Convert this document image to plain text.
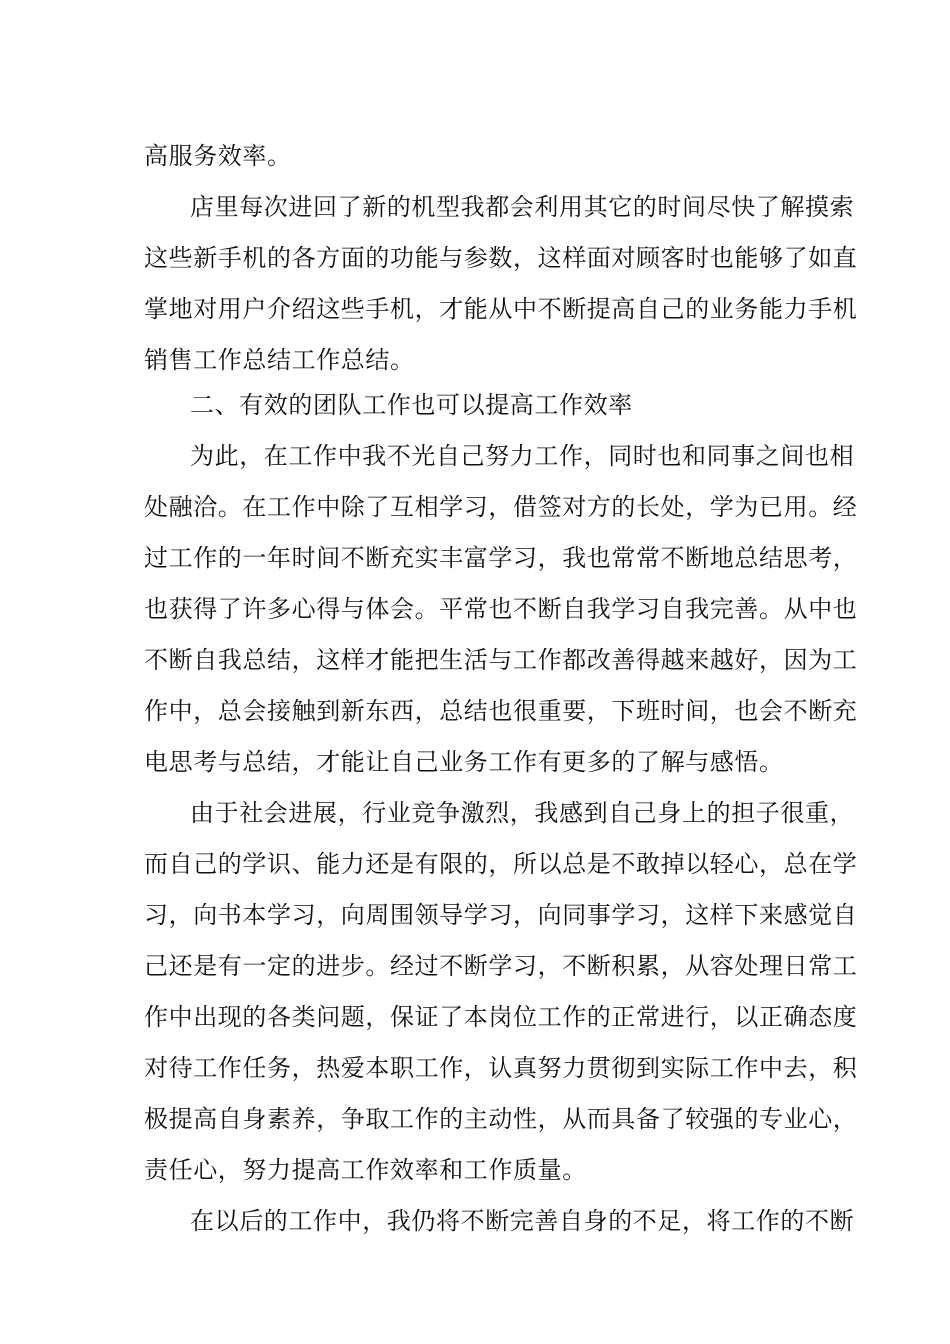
高服务效率。
店里每次进回了新的机型我都会利用其它的时间尽快了解摸索
这些新手机的各方面的功能与参数，这样面对顾客时也能够了如直
掌地对用户介绍这些手机，才能从中不断提高自己的业务能力手机
销售工作总结工作总结。
二、有效的团队工作也可以提高工作效率
为此，在工作中我不光自己努力工作，同时也和同事之间也相
处融洽。在工作中除了互相学习，借签对方的长处，学为已用。经
过工作的一年时间不断充实丰富学习，我也常常不断地总结思考，
也获得了许多心得与体会。平常也不断自我学习自我完善。从中也
不断自我总结，这样才能把生活与工作都改善得越来越好，因为工
作中，总会接触到新东西，总结也很重要，下班时间，也会不断充
电思考与总结，才能让自己业务工作有更多的了解与感悟。
由于社会进展，行业竞争激烈，我感到自己身上的担子很重，
而自己的学识、能力还是有限的，所以总是不敢掉以轻心，总在学
习，向书本学习，向周围领导学习，向同事学习，这样下来感觉自
己还是有一定的进步。经过不断学习，不断积累，从容处理日常工
作中出现的各类问题，保证了本岗位工作的正常进行，以正确态度
对待工作任务，热爱本职工作，认真努力贯彻到实际工作中去，积
极提高自身素养，争取工作的主动性，从而具备了较强的专业心，
责任心，努力提高工作效率和工作质量。
在以后的工作中，我仍将不断完善自身的不足，将工作的不断
